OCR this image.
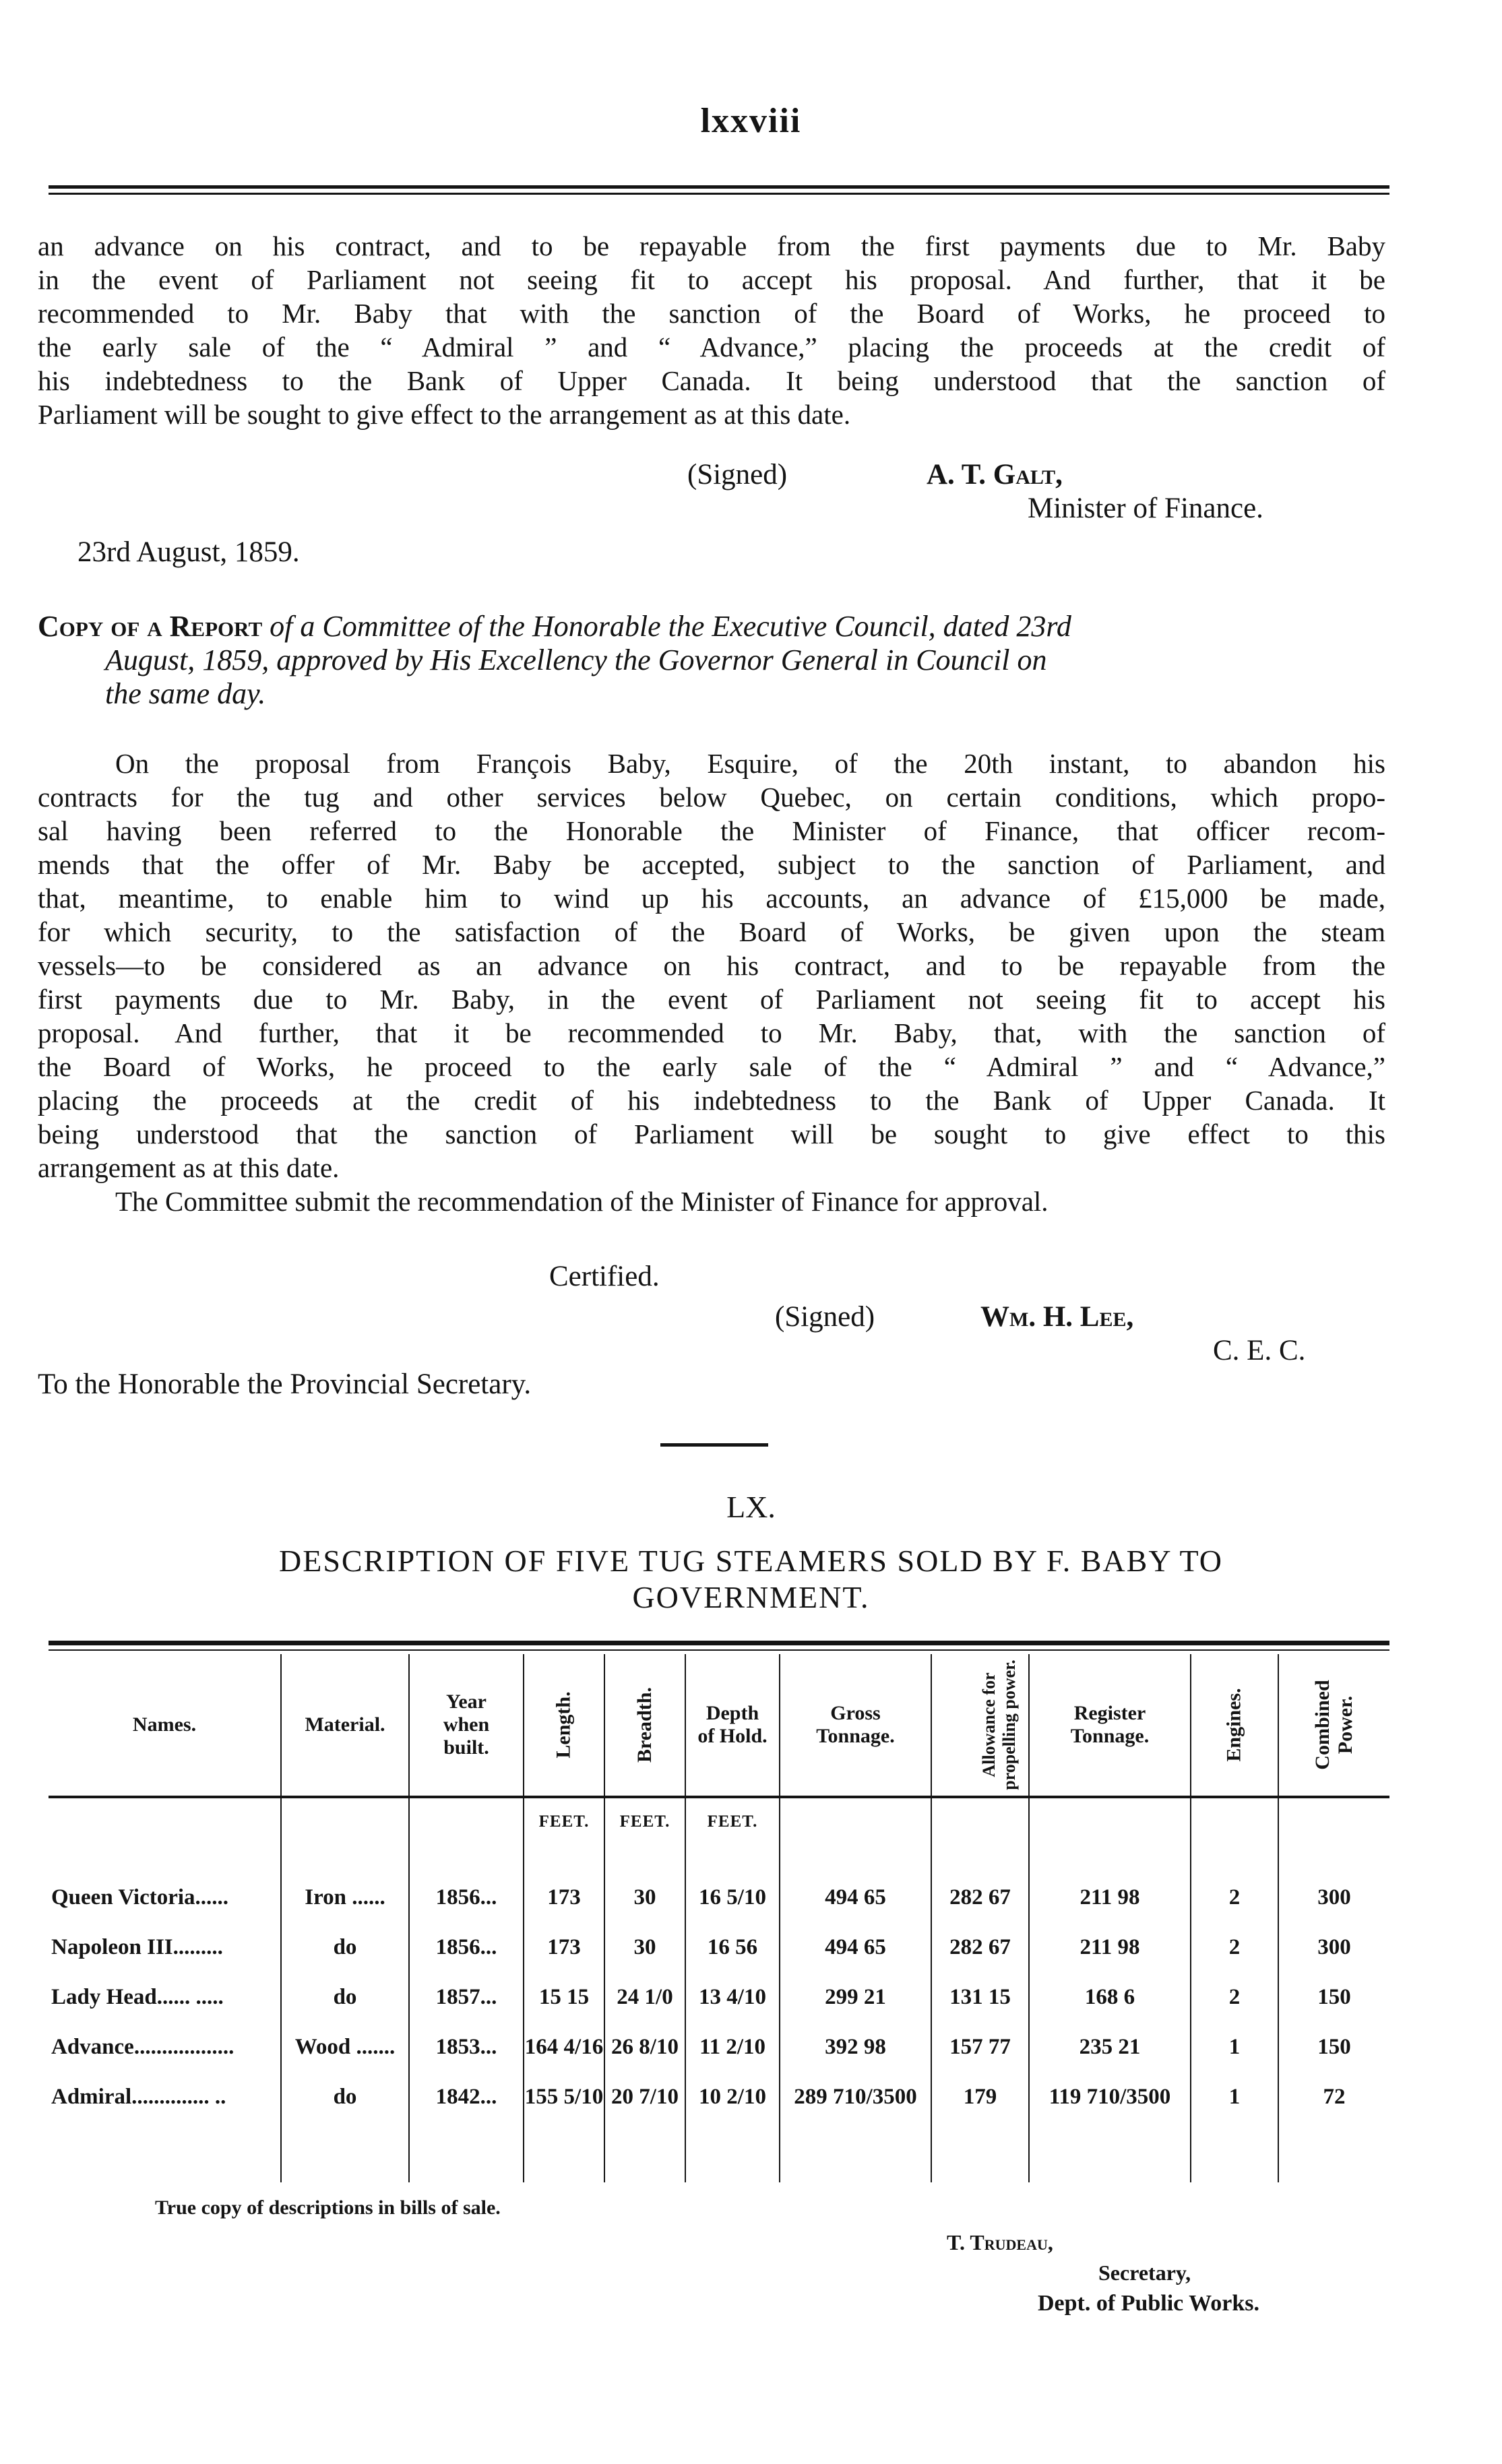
lxxviii
an advance on his contract, and to be repayable from the first payments due to Mr. Baby
in the event of Parliament not seeing fit to accept his proposal. And further, that it be
recommended to Mr. Baby that with the sanction of the Board of Works, he proceed to
the early sale of the “ Admiral ” and “ Advance,” placing the proceeds at the credit of
his indebtedness to the Bank of Upper Canada. It being understood that the sanction of
Parliament will be sought to give effect to the arrangement as at this date.
(Signed)	A. T. Galt,
Minister of Finance.
23rd August, 1859.
Copy of a Report of a Committee of the Honorable the Executive Council, dated 23rd
August, 1859, approved by His Excellency the Governor General in Council on
the same day.
On the proposal from François Baby, Esquire, of the 20th instant, to abandon his
contracts for the tug and other services below Quebec, on certain conditions, which propo-
sal having been referred to the Honorable the Minister of Finance, that officer recom-
mends that the offer of Mr. Baby be accepted, subject to the sanction of Parliament, and
that, meantime, to enable him to wind up his accounts, an advance of £15,000 be made,
for which security, to the satisfaction of the Board of Works, be given upon the steam
vessels—to be considered as an advance on his contract, and to be repayable from the
first payments due to Mr. Baby, in the event of Parliament not seeing fit to accept his
proposal. And further, that it be recommended to Mr. Baby, that, with the sanction of
the Board of Works, he proceed to the early sale of the “ Admiral ” and “ Advance,”
placing the proceeds at the credit of his indebtedness to the Bank of Upper Canada. It
being understood that the sanction of Parliament will be sought to give effect to this
arrangement as at this date.
The Committee submit the recommendation of the Minister of Finance for approval.
Certified.
(Signed)	Wm. H. Lee,
C. E. C.
To the Honorable the Provincial Secretary.
LX.
DESCRIPTION OF FIVE TUG STEAMERS SOLD BY F. BABY TO
GOVERNMENT.
Names.	Material.	Year when built.	Length.	Breadth.	Depth of Hold.	Gross Tonnage.	Allowance for propelling power.	Register Tonnage.	Engines.	Combined Power.
			FEET.	FEET.	FEET.					

Queen Victoria......	Iron ......	1856...	173	30	16 5/10	494 65	282 67	211 98	2	300
Napoleon III.........	do	1856...	173	30	16 56	494 65	282 67	211 98	2	300
Lady Head...... .....	do	1857...	15 15	24 1/0	13 4/10	299 21	131 15	168 6	2	150
Advance..................	Wood .......	1853...	164 4/16	26 8/10	11 2/10	392 98	157 77	235 21	1	150
Admiral.............. ..	do	1842...	155 5/10	20 7/10	10 2/10	289 710/3500	179	119 710/3500	1	72

True copy of descriptions in bills of sale.
T. Trudeau,
Secretary,
Dept. of Public Works.
